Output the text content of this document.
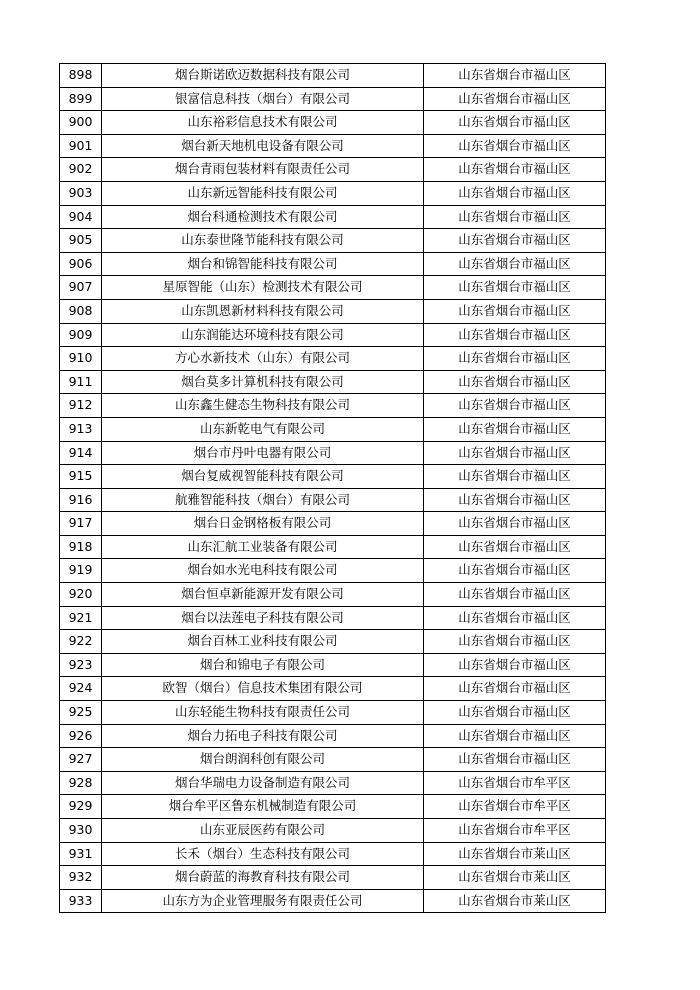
898	烟台斯诺欧迈数据科技有限公司	山东省烟台市福山区
899	银富信息科技（烟台）有限公司	山东省烟台市福山区
900	山东裕彩信息技术有限公司	山东省烟台市福山区
901	烟台新天地机电设备有限公司	山东省烟台市福山区
902	烟台青雨包装材料有限责任公司	山东省烟台市福山区
903	山东新远智能科技有限公司	山东省烟台市福山区
904	烟台科通检测技术有限公司	山东省烟台市福山区
905	山东泰世隆节能科技有限公司	山东省烟台市福山区
906	烟台和锦智能科技有限公司	山东省烟台市福山区
907	星原智能（山东）检测技术有限公司	山东省烟台市福山区
908	山东凯恩新材料科技有限公司	山东省烟台市福山区
909	山东润能达环境科技有限公司	山东省烟台市福山区
910	方心水新技术（山东）有限公司	山东省烟台市福山区
911	烟台莫多计算机科技有限公司	山东省烟台市福山区
912	山东鑫生健态生物科技有限公司	山东省烟台市福山区
913	山东新乾电气有限公司	山东省烟台市福山区
914	烟台市丹叶电器有限公司	山东省烟台市福山区
915	烟台复威视智能科技有限公司	山东省烟台市福山区
916	航雅智能科技（烟台）有限公司	山东省烟台市福山区
917	烟台日金钢格板有限公司	山东省烟台市福山区
918	山东汇航工业装备有限公司	山东省烟台市福山区
919	烟台如水光电科技有限公司	山东省烟台市福山区
920	烟台恒卓新能源开发有限公司	山东省烟台市福山区
921	烟台以法莲电子科技有限公司	山东省烟台市福山区
922	烟台百林工业科技有限公司	山东省烟台市福山区
923	烟台和锦电子有限公司	山东省烟台市福山区
924	欧智（烟台）信息技术集团有限公司	山东省烟台市福山区
925	山东轻能生物科技有限责任公司	山东省烟台市福山区
926	烟台力拓电子科技有限公司	山东省烟台市福山区
927	烟台朗润科创有限公司	山东省烟台市福山区
928	烟台华瑞电力设备制造有限公司	山东省烟台市牟平区
929	烟台牟平区鲁东机械制造有限公司	山东省烟台市牟平区
930	山东亚辰医药有限公司	山东省烟台市牟平区
931	长禾（烟台）生态科技有限公司	山东省烟台市莱山区
932	烟台蔚蓝的海教育科技有限公司	山东省烟台市莱山区
933	山东方为企业管理服务有限责任公司	山东省烟台市莱山区
